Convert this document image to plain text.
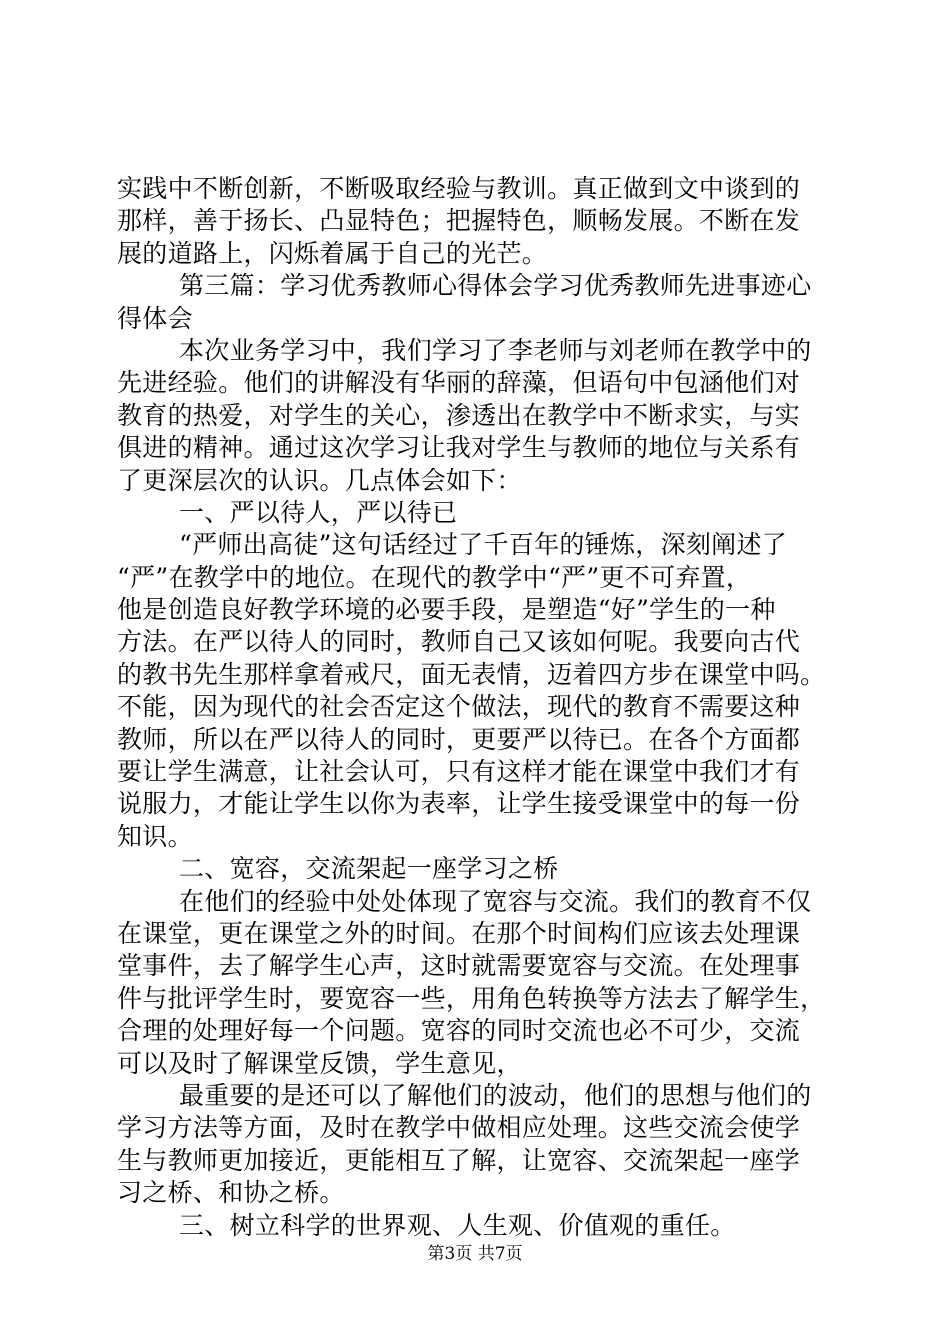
实践中不断创新，不断吸取经验与教训。真正做到文中谈到的
那样，善于扬长、凸显特色；把握特色，顺畅发展。不断在发
展的道路上，闪烁着属于自己的光芒。
第三篇：学习优秀教师心得体会学习优秀教师先进事迹心
得体会
本次业务学习中，我们学习了李老师与刘老师在教学中的
先进经验。他们的讲解没有华丽的辞藻，但语句中包涵他们对
教育的热爱，对学生的关心，渗透出在教学中不断求实，与实
俱进的精神。通过这次学习让我对学生与教师的地位与关系有
了更深层次的认识。几点体会如下：
一、严以待人，严以待已
“严师出高徒”这句话经过了千百年的锤炼，深刻阐述了
“严”在教学中的地位。在现代的教学中“严”更不可弃置，
他是创造良好教学环境的必要手段，是塑造“好”学生的一种
方法。在严以待人的同时，教师自己又该如何呢。我要向古代
的教书先生那样拿着戒尺，面无表情，迈着四方步在课堂中吗。
不能，因为现代的社会否定这个做法，现代的教育不需要这种
教师，所以在严以待人的同时，更要严以待已。在各个方面都
要让学生满意，让社会认可，只有这样才能在课堂中我们才有
说服力，才能让学生以你为表率，让学生接受课堂中的每一份
知识。
二、宽容，交流架起一座学习之桥
在他们的经验中处处体现了宽容与交流。我们的教育不仅
在课堂，更在课堂之外的时间。在那个时间构们应该去处理课
堂事件，去了解学生心声，这时就需要宽容与交流。在处理事
件与批评学生时，要宽容一些，用角色转换等方法去了解学生，
合理的处理好每一个问题。宽容的同时交流也必不可少，交流
可以及时了解课堂反馈，学生意见，
最重要的是还可以了解他们的波动，他们的思想与他们的
学习方法等方面，及时在教学中做相应处理。这些交流会使学
生与教师更加接近，更能相互了解，让宽容、交流架起一座学
习之桥、和协之桥。
三、树立科学的世界观、人生观、价值观的重任。
第3页 共7页
